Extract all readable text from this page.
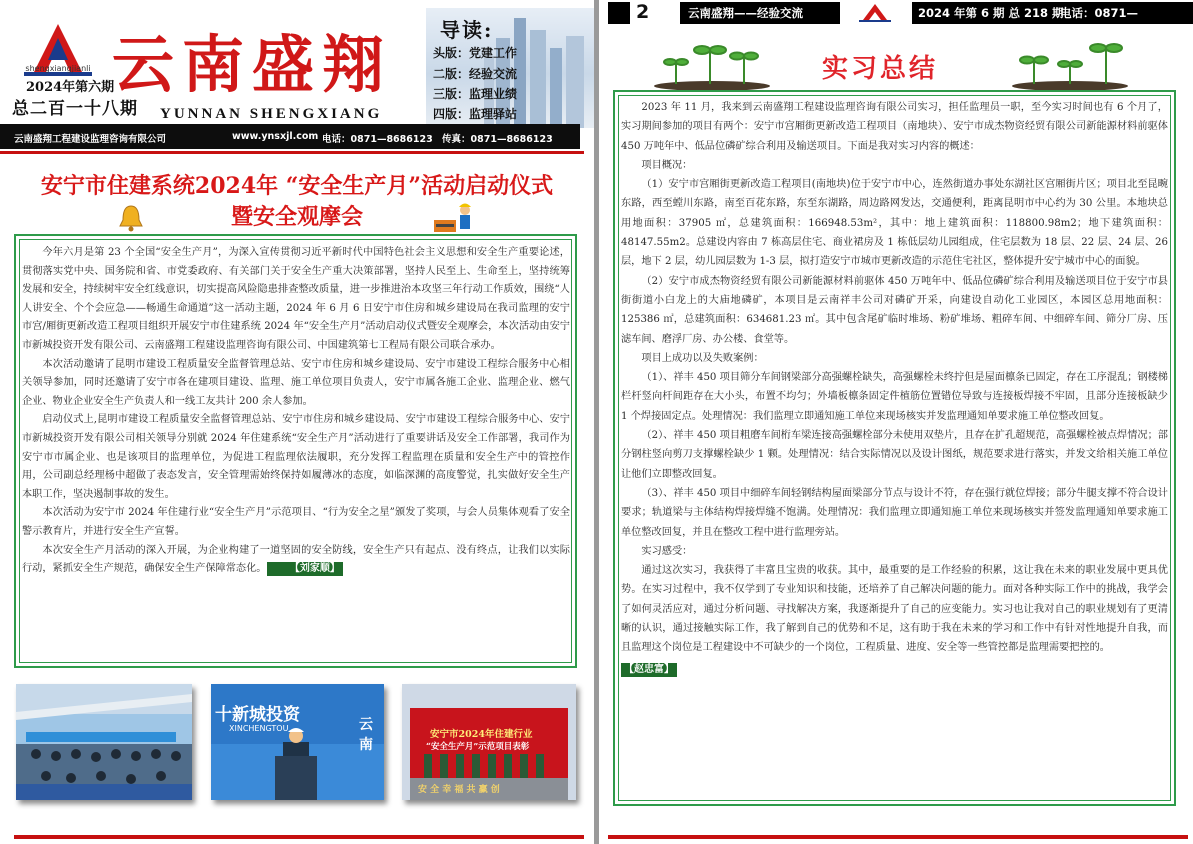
shengxiangjianli
2024年第六期
总二百一十八期
云南盛翔
YUNNAN SHENGXIANG
导读:
头版：党建工作
二版：经验交流
三版：监理业绩
四版：监理驿站
云南盛翔工程建设监理咨询有限公司	www.ynsxjl.com 电话：0871—8686123 传真：0871—8686123
安宁市住建系统2024年 “安全生产月”活动启动仪式
暨安全观摩会

今年六月是第 23 个全国“安全生产月”，为深入宣传贯彻习近平新时代中国特色社会主义思想和安全生产重要论述，贯彻落实党中央、国务院和省、市党委政府、有关部门关于安全生产重大决策部署，坚持人民至上、生命至上，坚持统筹发展和安全，持续树牢安全红线意识，切实提高风险隐患排查整改质量，进一步推进治本攻坚三年行动工作质效，围绕“人人讲安全、个个会应急——畅通生命通道”这一活动主题，2024 年 6 月 6 日安宁市住房和城乡建设局在我司监理的安宁市宫/厢街更新改造工程项目组织开展安宁市住建系统 2024 年“安全生产月”活动启动仪式暨安全观摩会，本次活动由安宁市新城投资开发有限公司、云南盛翔工程建设监理咨询有限公司、中国建筑第七工程局有限公司联合承办。

本次活动邀请了昆明市建设工程质量安全监督管理总站、安宁市住房和城乡建设局、安宁市建设工程综合服务中心相关领导参加，同时还邀请了安宁市各在建项目建设、监理、施工单位项目负责人，安宁市属各施工企业、监理企业、燃气企业、物业企业安全生产负责人和一线工友共计 200 余人参加。

启动仪式上,昆明市建设工程质量安全监督管理总站、安宁市住房和城乡建设局、安宁市建设工程综合服务中心、安宁市新城投资开发有限公司相关领导分别就 2024 年住建系统“安全生产月”活动进行了重要讲话及安全工作部署，我司作为安宁市市属企业、也是该项目的监理单位，为促进工程监理依法履职，充分发挥工程监理在质量和安全生产中的管控作用，公司副总经理杨中超做了表态发言，安全管理需始终保持如履薄冰的态度，如临深渊的高度警觉，扎实做好安全生产本职工作，坚决遏制事故的发生。

本次活动为安宁市 2024 年住建行业“安全生产月”示范项目、“行为安全之星”颁发了奖项，与会人员集体观看了安全警示教育片，并进行安全生产宣誓。

本次安全生产月活动的深入开展，为企业构建了一道坚固的安全防线，安全生产只有起点、没有终点，让我们以实际行动，紧抓安全生产规范，确保安全生产保障常态化。 【刘家顺】

十新城投资
XINCHENGTOU	云南
安宁市2024年住建行业
“安全生产月”示范项目表彰
安 全 幸 福 共 赢 创
2	云南盛翔——经验交流	2024 年第 6 期 总 218 期
电话：0871—68686123
实习总结

2023 年 11 月，我来到云南盛翔工程建设监理咨询有限公司实习，担任监理员一职，至今实习时间也有 6 个月了，实习期间参加的项目有两个：安宁市宫厢街更新改造工程项目（南地块）、安宁市成杰物资经贸有限公司新能源材料前驱体 450 万吨年中、低品位磷矿综合利用及输送项目。下面是我对实习内容的概述：

项目概况：

（1）安宁市宫厢街更新改造工程项目(南地块)位于安宁市中心，连然街道办事处东湖社区宫厢街片区；项目北至昆畹东路，西至螳川东路，南至百花东路，东至东湖路，周边路网发达，交通便利，距离昆明市中心约为 30 公里。本地块总用地面积：37905 ㎡，总建筑面积：166948.53m²，其中：地上建筑面积：118800.98m2；地下建筑面积：48147.55m2。总建设内容由 7 栋高层住宅、商业裙房及 1 栋低层幼儿园组成，住宅层数为 18 层、22 层、24 层、26 层，地下 2 层，幼儿园层数为 1-3 层，拟打造安宁市城市更新改造的示范住宅社区，整体提升安宁城市中心的面貌。

（2）安宁市成杰物资经贸有限公司新能源材料前驱体 450 万吨年中、低品位磷矿综合利用及输送项目位于安宁市县街街道小白龙上的大庙地磷矿，本项目是云南祥丰公司对磷矿开采，向建设自动化工业园区，本园区总用地面积：125386 ㎡，总建筑面积：634681.23 ㎡。其中包含尾矿临时堆场、粉矿堆场、粗碎车间、中细碎车间、筛分厂房、压滤车间、磨浮厂房、办公楼、食堂等。

项目上成功以及失败案例：

（1）、祥丰 450 项目筛分车间钢梁部分高强螺栓缺失，高强螺栓未终拧但是屋面檩条已固定，存在工序混乱；钢楼梯栏杆竖向杆间距存在大小头，布置不均匀；外墙板檩条固定件植筋位置错位导致与连接板焊接不牢固，且部分连接板缺少 1 个焊接固定点。处理情况：我们监理立即通知施工单位来现场核实并发监理通知单要求施工单位整改回复。

（2）、祥丰 450 项目粗磨车间桁车梁连接高强螺栓部分未使用双垫片，且存在扩孔超规范，高强螺栓被点焊情况；部分钢柱竖向剪刀支撑螺栓缺少 1 颗。处理情况：结合实际情况以及设计图纸，规范要求进行落实，并发文给相关施工单位让他们立即整改回复。

（3）、祥丰 450 项目中细碎车间轻钢结构屋面梁部分节点与设计不符，存在强行就位焊接；部分牛腿支撑不符合设计要求；轨道梁与主体结构焊接焊缝不饱满。处理情况：我们监理立即通知施工单位来现场核实并签发监理通知单要求施工单位整改回复，并且在整改工程中进行监理旁站。

实习感受：

通过这次实习，我获得了丰富且宝贵的收获。其中，最重要的是工作经验的积累，这让我在未来的职业发展中更具优势。在实习过程中，我不仅学到了专业知识和技能，还培养了自己解决问题的能力。面对各种实际工作中的挑战，我学会了如何灵活应对，通过分析问题、寻找解决方案，我逐渐提升了自己的应变能力。实习也让我对自己的职业规划有了更清晰的认识，通过接触实际工作，我了解到自己的优势和不足，这有助于我在未来的学习和工作中有针对性地提升自我，而且监理这个岗位是工程建设中不可缺少的一个岗位，工程质量、进度、安全等一些管控都是监理需要把控的。

【赵忠富】
